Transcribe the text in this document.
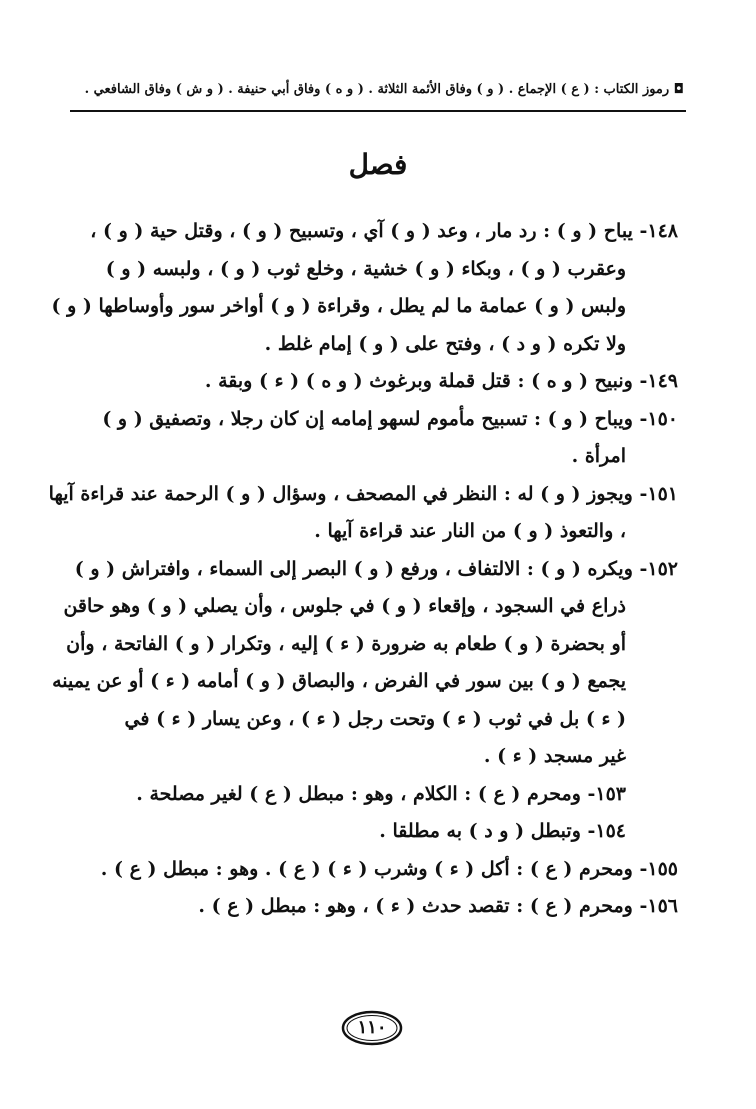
◘ رموز الكتاب : ( ع ) الإجماع . ( و ) وفاق الأئمة الثلاثة . ( و ه ) وفاق أبي حنيفة . ( و ش ) وفاق الشافعي .
فصل
١٤٨- يباح ( و ) : رد مار ، وعد ( و ) آي ، وتسبيح ( و ) ، وقتل حية ( و ) ،
وعقرب ( و ) ، وبكاء ( و ) خشية ، وخلع ثوب ( و ) ، ولبسه ( و )
ولبس ( و ) عمامة ما لم يطل ، وقراءة ( و ) أواخر سور وأوساطها ( و )
ولا تكره ( و د ) ، وفتح على ( و ) إمام غلط .
١٤٩- ونبيح ( و ه ) : قتل قملة وبرغوث ( و ه ) ( ء ) وبقة .
١٥٠- ويباح ( و ) : تسبيح مأموم لسهو إمامه إن كان رجلا ، وتصفيق ( و )
امرأة .
١٥١- ويجوز ( و ) له : النظر في المصحف ، وسؤال ( و ) الرحمة عند قراءة آيها
، والتعوذ ( و ) من النار عند قراءة آيها .
١٥٢- ويكره ( و ) : الالتفاف ، ورفع ( و ) البصر إلى السماء ، وافتراش ( و )
ذراع في السجود ، وإقعاء ( و ) في جلوس ، وأن يصلي ( و ) وهو حاقن
أو بحضرة ( و ) طعام به ضرورة ( ء ) إليه ، وتكرار ( و ) الفاتحة ، وأن
يجمع ( و ) بين سور في الفرض ، والبصاق ( و ) أمامه ( ء ) أو عن يمينه
( ء ) بل في ثوب ( ء ) وتحت رجل ( ء ) ، وعن يسار ( ء ) في
غير مسجد ( ء ) .
١٥٣- ومحرم ( ع ) : الكلام ، وهو : مبطل ( ع ) لغير مصلحة .
١٥٤- وتبطل ( و د ) به مطلقا .
١٥٥- ومحرم ( ع ) : أكل ( ء ) وشرب ( ء ) ( ع ) . وهو : مبطل ( ع ) .
١٥٦- ومحرم ( ع ) : تقصد حدث ( ء ) ، وهو : مبطل ( ع ) .
١١٠
